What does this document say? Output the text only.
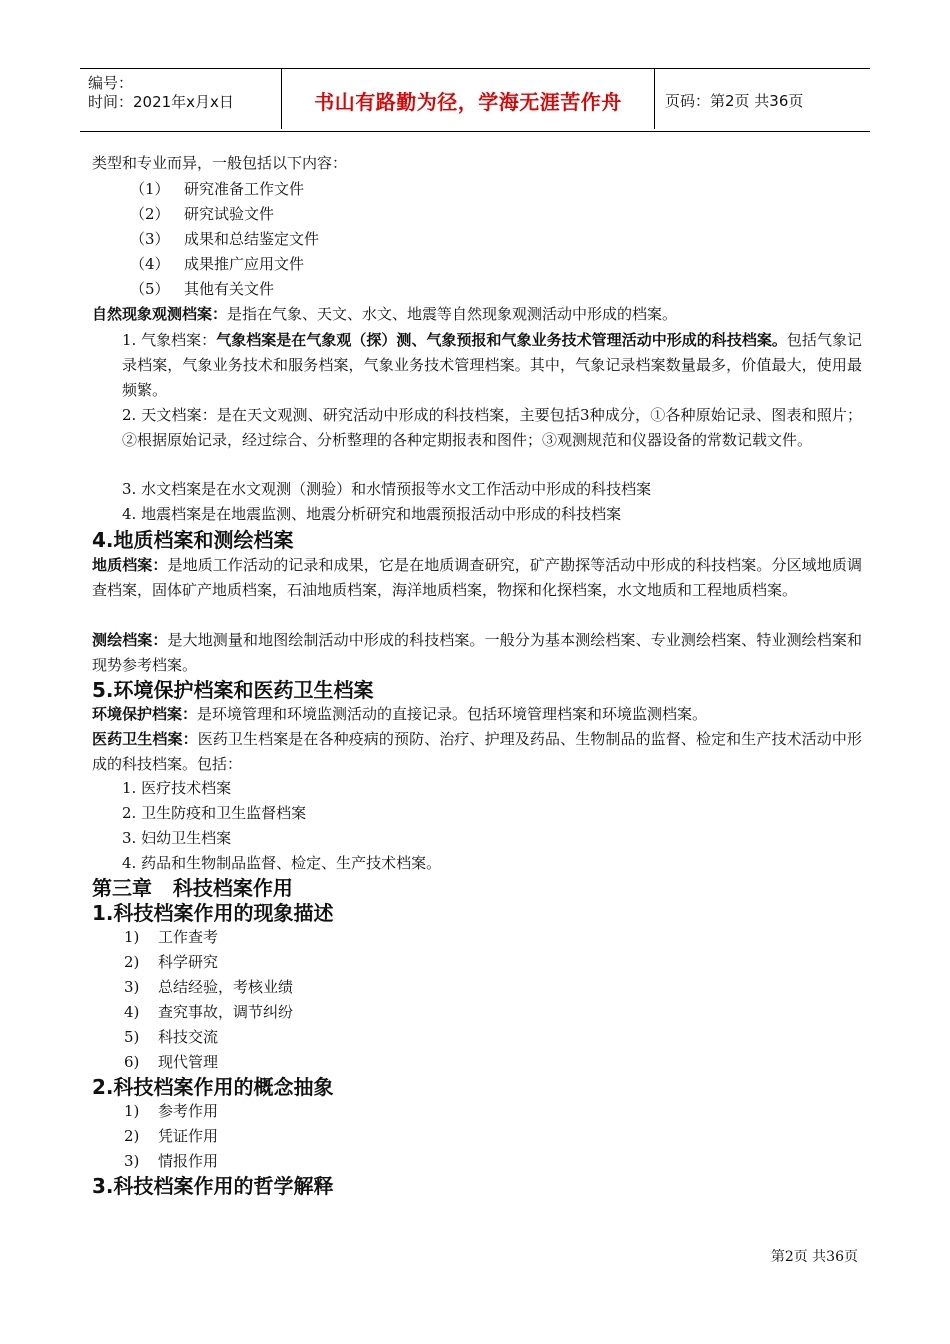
编号：
时间：2021年x月x日	书山有路勤为径，学海无涯苦作舟	页码：第2页 共36页
类型和专业而异，一般包括以下内容：
（1） 研究准备工作文件
（2） 研究试验文件
（3） 成果和总结鉴定文件
（4） 成果推广应用文件
（5） 其他有关文件
自然现象观测档案：是指在气象、天文、水文、地震等自然现象观测活动中形成的档案。
1. 气象档案：气象档案是在气象观（探）测、气象预报和气象业务技术管理活动中形成的科技档案。包括气象记录档案，气象业务技术和服务档案，气象业务技术管理档案。其中，气象记录档案数量最多，价值最大，使用最频繁。
2. 天文档案：是在天文观测、研究活动中形成的科技档案，主要包括3种成分，①各种原始记录、图表和照片；②根据原始记录，经过综合、分析整理的各种定期报表和图件；③观测规范和仪器设备的常数记载文件。
3. 水文档案是在水文观测（测验）和水情预报等水文工作活动中形成的科技档案
4. 地震档案是在地震监测、地震分析研究和地震预报活动中形成的科技档案
4.地质档案和测绘档案
地质档案：是地质工作活动的记录和成果，它是在地质调查研究，矿产勘探等活动中形成的科技档案。分区域地质调查档案，固体矿产地质档案，石油地质档案，海洋地质档案，物探和化探档案，水文地质和工程地质档案。
测绘档案：是大地测量和地图绘制活动中形成的科技档案。一般分为基本测绘档案、专业测绘档案、特业测绘档案和现势参考档案。
5.环境保护档案和医药卫生档案
环境保护档案：是环境管理和环境监测活动的直接记录。包括环境管理档案和环境监测档案。
医药卫生档案：医药卫生档案是在各种疫病的预防、治疗、护理及药品、生物制品的监督、检定和生产技术活动中形成的科技档案。包括：
1. 医疗技术档案
2. 卫生防疫和卫生监督档案
3. 妇幼卫生档案
4. 药品和生物制品监督、检定、生产技术档案。
第三章   科技档案作用
1.科技档案作用的现象描述
1) 工作查考
2) 科学研究
3) 总结经验，考核业绩
4) 查究事故，调节纠纷
5) 科技交流
6) 现代管理
2.科技档案作用的概念抽象
1) 参考作用
2) 凭证作用
3) 情报作用
3.科技档案作用的哲学解释
第2页 共36页
